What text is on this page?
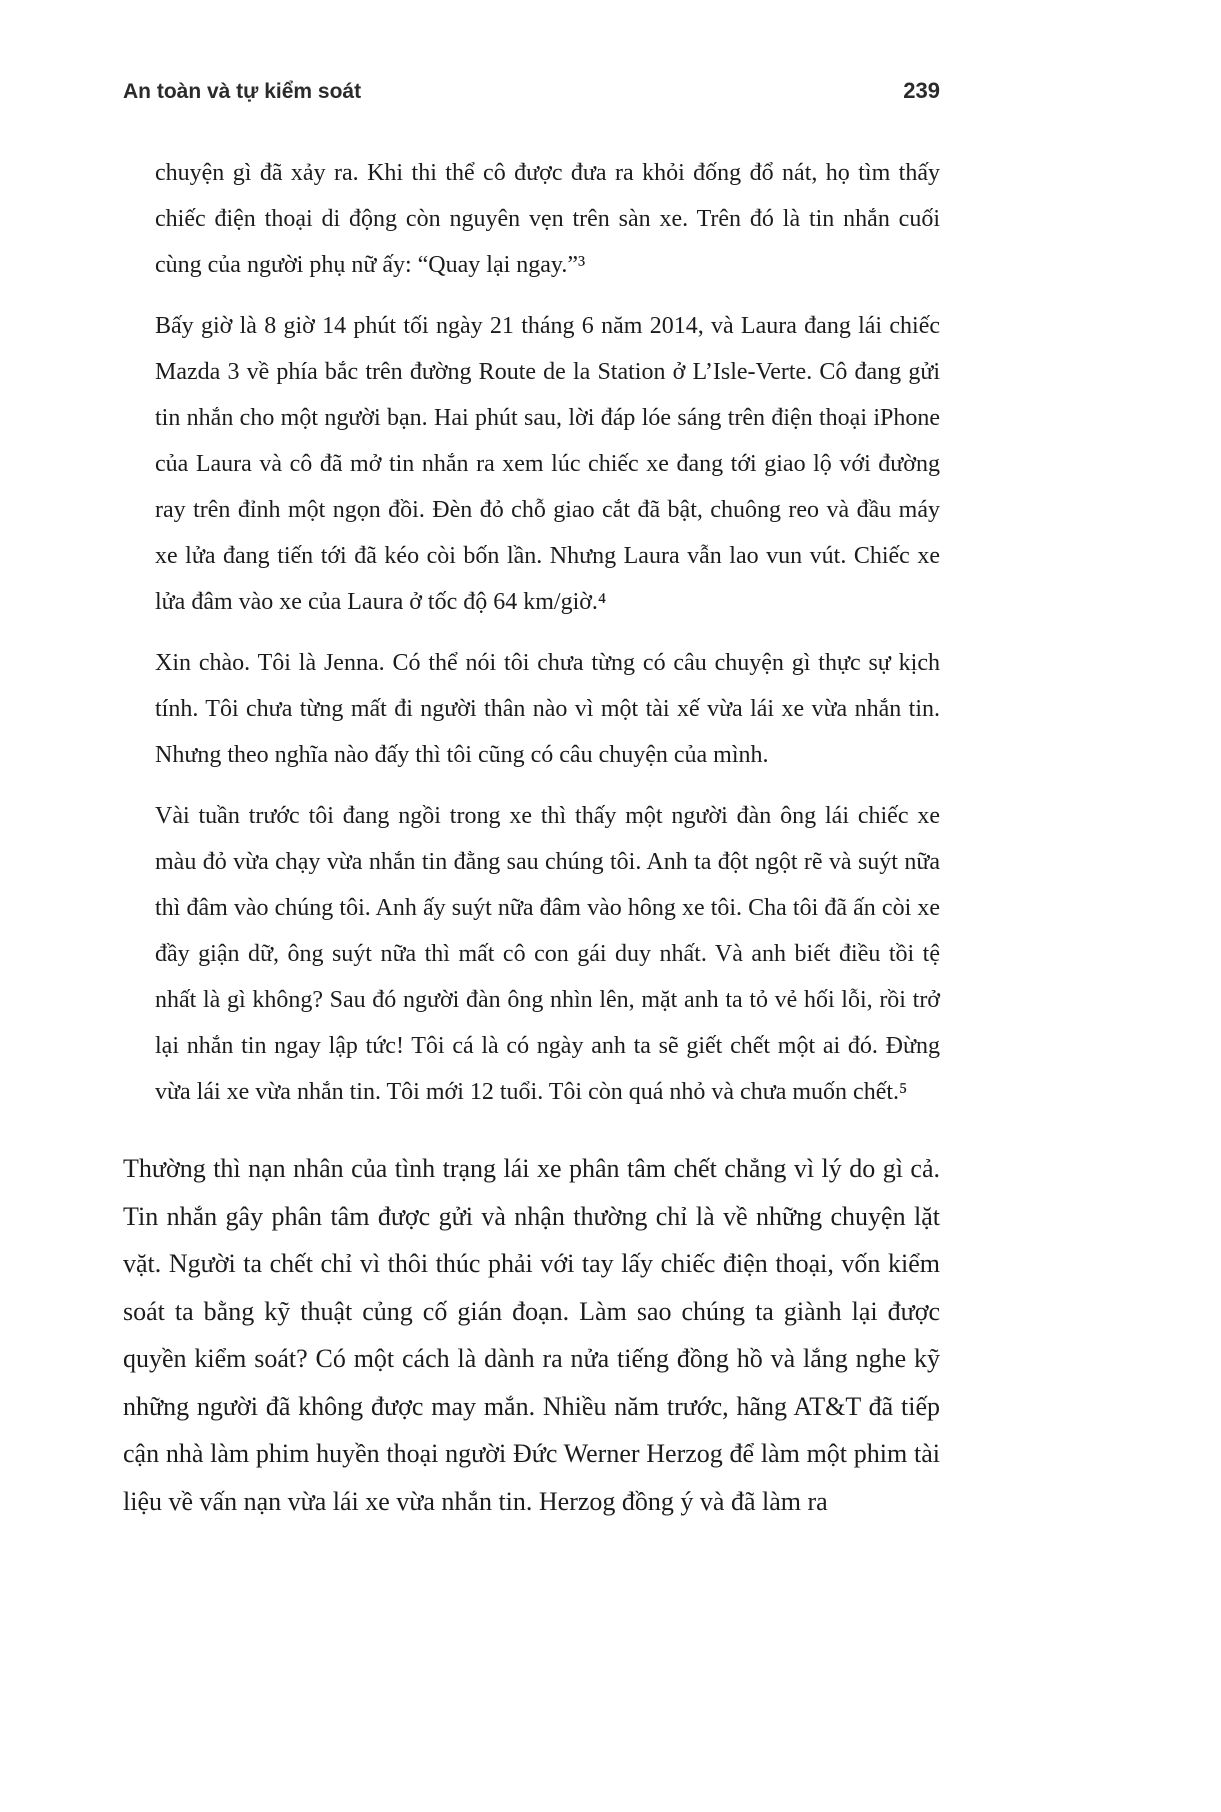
An toàn và tự kiểm soát	239

chuyện gì đã xảy ra. Khi thi thể cô được đưa ra khỏi đống đổ nát, họ tìm thấy chiếc điện thoại di động còn nguyên vẹn trên sàn xe. Trên đó là tin nhắn cuối cùng của người phụ nữ ấy: “Quay lại ngay.”³

Bấy giờ là 8 giờ 14 phút tối ngày 21 tháng 6 năm 2014, và Laura đang lái chiếc Mazda 3 về phía bắc trên đường Route de la Station ở L’Isle-Verte. Cô đang gửi tin nhắn cho một người bạn. Hai phút sau, lời đáp lóe sáng trên điện thoại iPhone của Laura và cô đã mở tin nhắn ra xem lúc chiếc xe đang tới giao lộ với đường ray trên đỉnh một ngọn đồi. Đèn đỏ chỗ giao cắt đã bật, chuông reo và đầu máy xe lửa đang tiến tới đã kéo còi bốn lần. Nhưng Laura vẫn lao vun vút. Chiếc xe lửa đâm vào xe của Laura ở tốc độ 64 km/giờ.⁴

Xin chào. Tôi là Jenna. Có thể nói tôi chưa từng có câu chuyện gì thực sự kịch tính. Tôi chưa từng mất đi người thân nào vì một tài xế vừa lái xe vừa nhắn tin. Nhưng theo nghĩa nào đấy thì tôi cũng có câu chuyện của mình.

Vài tuần trước tôi đang ngồi trong xe thì thấy một người đàn ông lái chiếc xe màu đỏ vừa chạy vừa nhắn tin đằng sau chúng tôi. Anh ta đột ngột rẽ và suýt nữa thì đâm vào chúng tôi. Anh ấy suýt nữa đâm vào hông xe tôi. Cha tôi đã ấn còi xe đầy giận dữ, ông suýt nữa thì mất cô con gái duy nhất. Và anh biết điều tồi tệ nhất là gì không? Sau đó người đàn ông nhìn lên, mặt anh ta tỏ vẻ hối lỗi, rồi trở lại nhắn tin ngay lập tức! Tôi cá là có ngày anh ta sẽ giết chết một ai đó. Đừng vừa lái xe vừa nhắn tin. Tôi mới 12 tuổi. Tôi còn quá nhỏ và chưa muốn chết.⁵

Thường thì nạn nhân của tình trạng lái xe phân tâm chết chẳng vì lý do gì cả. Tin nhắn gây phân tâm được gửi và nhận thường chỉ là về những chuyện lặt vặt. Người ta chết chỉ vì thôi thúc phải với tay lấy chiếc điện thoại, vốn kiểm soát ta bằng kỹ thuật củng cố gián đoạn. Làm sao chúng ta giành lại được quyền kiểm soát? Có một cách là dành ra nửa tiếng đồng hồ và lắng nghe kỹ những người đã không được may mắn. Nhiều năm trước, hãng AT&T đã tiếp cận nhà làm phim huyền thoại người Đức Werner Herzog để làm một phim tài liệu về vấn nạn vừa lái xe vừa nhắn tin. Herzog đồng ý và đã làm ra
